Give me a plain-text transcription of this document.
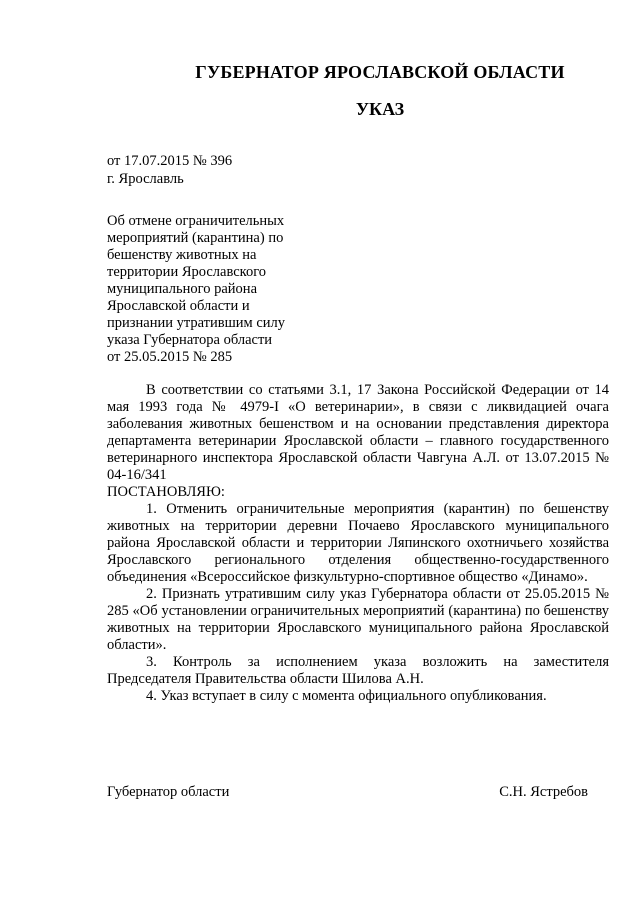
ГУБЕРНАТОР ЯРОСЛАВСКОЙ ОБЛАСТИ
УКАЗ
от 17.07.2015 № 396
г. Ярославль
Об отмене ограничительных
мероприятий (карантина) по
бешенству животных на
территории Ярославского
муниципального района
Ярославской области и
признании утратившим силу
указа Губернатора области
от 25.05.2015 № 285

В соответствии со статьями 3.1, 17 Закона Российской Федерации от 14 мая 1993 года № 4979-I «О ветеринарии», в связи с ликвидацией очага заболевания животных бешенством и на основании представления директора департамента ветеринарии Ярославской области – главного государственного ветеринарного инспектора Ярославской области Чавгуна А.Л. от 13.07.2015 № 04-16/341

ПОСТАНОВЛЯЮ:

1. Отменить ограничительные мероприятия (карантин) по бешенству животных на территории деревни Почаево Ярославского муниципального района Ярославской области и территории Ляпинского охотничьего хозяйства Ярославского регионального отделения общественно-государственного объединения «Всероссийское физкультурно-спортивное общество «Динамо».

2. Признать утратившим силу указ Губернатора области от 25.05.2015 № 285 «Об установлении ограничительных мероприятий (карантина) по бешенству животных на территории Ярославского муниципального района Ярославской области».

3. Контроль за исполнением указа возложить на заместителя Председателя Правительства области Шилова А.Н.

4. Указ вступает в силу с момента официального опубликования.

Губернатор области	С.Н. Ястребов
